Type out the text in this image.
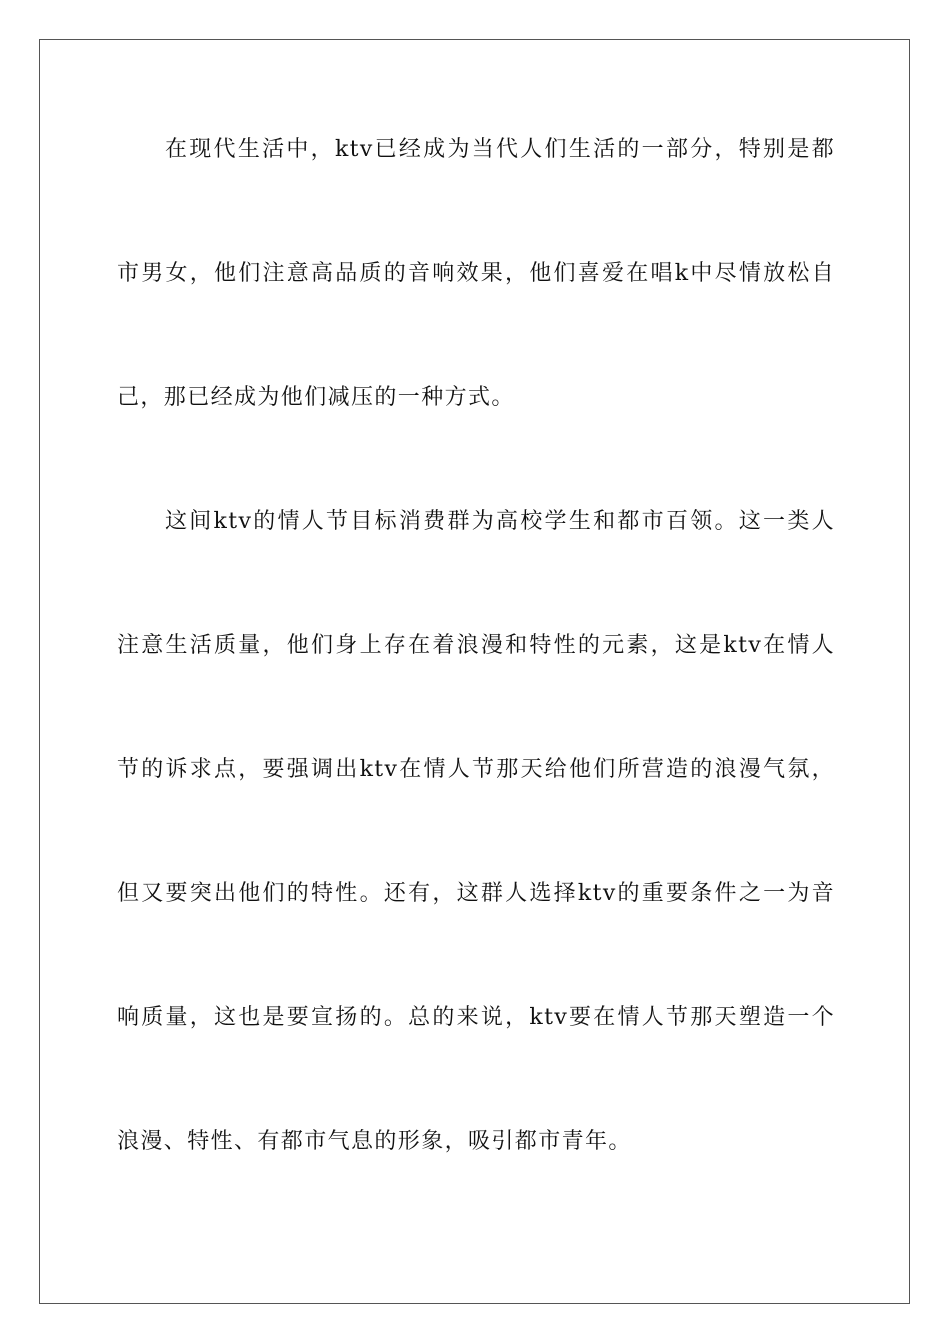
在现代生活中，ktv已经成为当代人们生活的一部分，特别是都
市男女，他们注意高品质的音响效果，他们喜爱在唱k中尽情放松自
己，那已经成为他们减压的一种方式。
这间ktv的情人节目标消费群为高校学生和都市百领。这一类人
注意生活质量，他们身上存在着浪漫和特性的元素，这是ktv在情人
节的诉求点，要强调出ktv在情人节那天给他们所营造的浪漫气氛，
但又要突出他们的特性。还有，这群人选择ktv的重要条件之一为音
响质量，这也是要宣扬的。总的来说，ktv要在情人节那天塑造一个
浪漫、特性、有都市气息的形象，吸引都市青年。
